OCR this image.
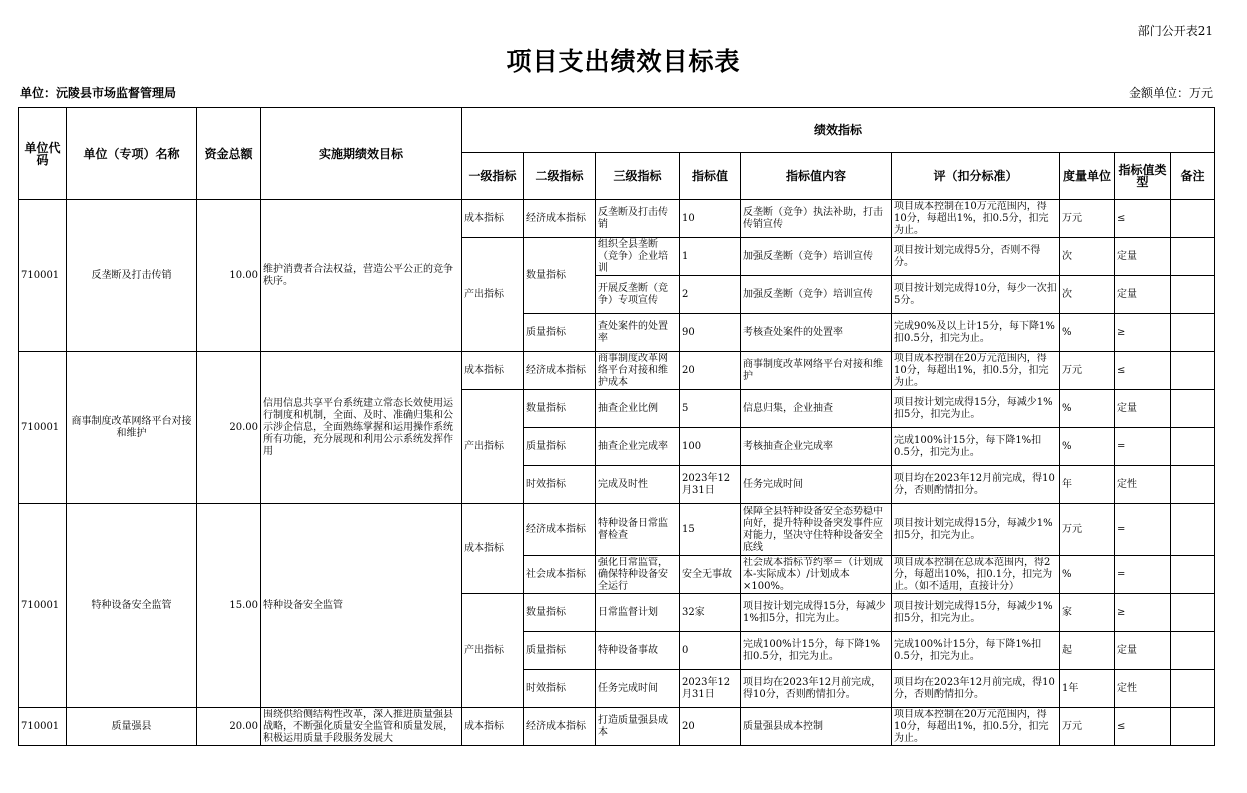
部门公开表21
项目支出绩效目标表
单位：沅陵县市场监督管理局	金额单位：万元
单位代码	单位（专项）名称	资金总额	实施期绩效目标	绩效指标								
				一级指标	二级指标	三级指标	指标值	指标值内容	评（扣分标准）	度量单位	指标值类型	备注
710001	反垄断及打击传销	10.00	维护消费者合法权益，营造公平公正的竞争秩序。	成本指标	经济成本指标	反垄断及打击传销	10	反垄断（竞争）执法补助，打击传销宣传	项目成本控制在10万元范围内，得10分，每超出1%，扣0.5分，扣完为止。	万元	≤	
				产出指标	数量指标	组织全县垄断（竞争）企业培训	1	加强反垄断（竞争）培训宣传	项目按计划完成得5分，否则不得分。	次	定量	
						开展反垄断（竞争）专项宣传	2	加强反垄断（竞争）培训宣传	项目按计划完成得10分，每少一次扣5分。	次	定量	
					质量指标	查处案件的处置率	90	考核查处案件的处置率	完成90%及以上计15分，每下降1%扣0.5分，扣完为止。	%	≥	
710001	商事制度改革网络平台对接和维护	20.00	信用信息共享平台系统建立常态长效使用运行制度和机制，全面、及时、准确归集和公示涉企信息，全面熟练掌握和运用操作系统所有功能，充分展现和利用公示系统发挥作用	成本指标	经济成本指标	商事制度改革网络平台对接和维护成本	20	商事制度改革网络平台对接和维护	项目成本控制在20万元范围内，得10分，每超出1%，扣0.5分，扣完为止。	万元	≤	
				产出指标	数量指标	抽查企业比例	5	信息归集，企业抽查	项目按计划完成得15分，每减少1%扣5分，扣完为止。	%	定量	
					质量指标	抽查企业完成率	100	考核抽查企业完成率	完成100%计15分，每下降1%扣0.5分，扣完为止。	%	=	
					时效指标	完成及时性	2023年12月31日	任务完成时间	项目均在2023年12月前完成，得10分，否则酌情扣分。	年	定性	
710001	特种设备安全监管	15.00	特种设备安全监管	成本指标	经济成本指标	特种设备日常监督检查	15	保障全县特种设备安全态势稳中向好，提升特种设备突发事件应对能力，坚决守住特种设备安全底线	项目按计划完成得15分，每减少1%扣5分，扣完为止。	万元	=	
					社会成本指标	强化日常监管，确保特种设备安全运行	安全无事故	社会成本指标节约率＝（计划成本-实际成本）/计划成本×100%。	项目成本控制在总成本范围内，得2分，每超出10%，扣0.1分，扣完为止。（如不适用，直接计分）	%	=	
				产出指标	数量指标	日常监督计划	32家	项目按计划完成得15分，每减少1%扣5分，扣完为止。	项目按计划完成得15分，每减少1%扣5分，扣完为止。	家	≥	
					质量指标	特种设备事故	0	完成100%计15分，每下降1%扣0.5分，扣完为止。	完成100%计15分，每下降1%扣0.5分，扣完为止。	起	定量	
					时效指标	任务完成时间	2023年12月31日	项目均在2023年12月前完成，得10分，否则酌情扣分。	项目均在2023年12月前完成，得10分，否则酌情扣分。	1年	定性	
710001	质量强县	20.00	围绕供给侧结构性改革，深入推进质量强县战略，不断强化质量安全监管和质量发展，积极运用质量手段服务发展大	成本指标	经济成本指标	打造质量强县成本	20	质量强县成本控制	项目成本控制在20万元范围内，得10分，每超出1%，扣0.5分，扣完为止。	万元	≤	
